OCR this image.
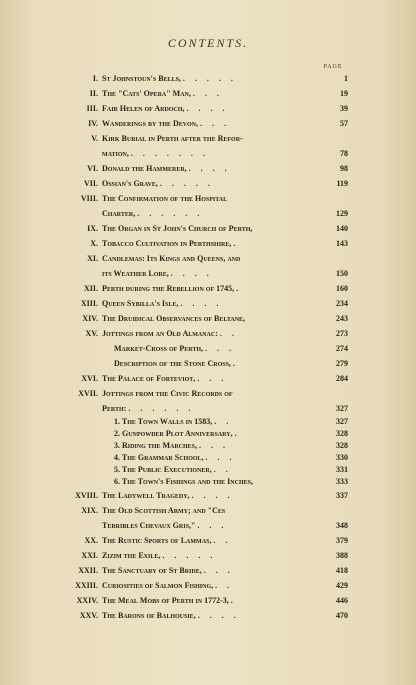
CONTENTS.
PAGE
I. St Johnstoun's Bells, . . . . .	1
II. The "Cats' Opera" Man, . . .	19
III. Fair Helen of Ardoch, . . . .	39
IV. Wanderings by the Devon, . . .	57
V. Kirk Burial in Perth after the Refor-
mation, . . . . . . .	78
VI. Donald the Hammerer, . . . .	98
VII. Ossian's Grave, . . . . .	119
VIII. The Confirmation of the Hospital
Charter, . . . . . .	129
IX. The Organ in St John's Church of Perth,	140
X. Tobacco Cultivation in Perthshire, .	143
XI. Candlemas: Its Kings and Queens, and
its Weather Lore, . . . .	150
XII. Perth during the Rebellion of 1745, .	160
XIII. Queen Sybilla's Isle, . . . .	234
XIV. The Druidical Observances of Beltane,	243
XV. Jottings from an Old Almanac: . .	273
Market-Cross of Perth, . . .	274
Description of the Stone Cross, .	279
XVI. The Palace of Forteviot, . . .	284
XVII. Jottings from the Civic Records of
Perth: . . . . . .	327
1. The Town Walls in 1583, . .	327
2. Gunpowder Plot Anniversary, .	328
3. Riding the Marches, . . .	328
4. The Grammar School, . . .	330
5. The Public Executioner, . .	331
6. The Town's Fishings and the Inches,	333
XVIII. The Ladywell Tragedy, . . . .	337
XIX. The Old Scottish Army; and "Ces
Terribles Chevaux Gris," . . .	348
XX. The Rustic Sports of Lammas, . .	379
XXI. Zizim the Exile, . . . . .	388
XXII. The Sanctuary of St Bride, . . .	418
XXIII. Curiosities of Salmon Fishing, . .	429
XXIV. The Meal Mobs of Perth in 1772-3, .	446
XXV. The Barons of Balhousie, . . . .	470
